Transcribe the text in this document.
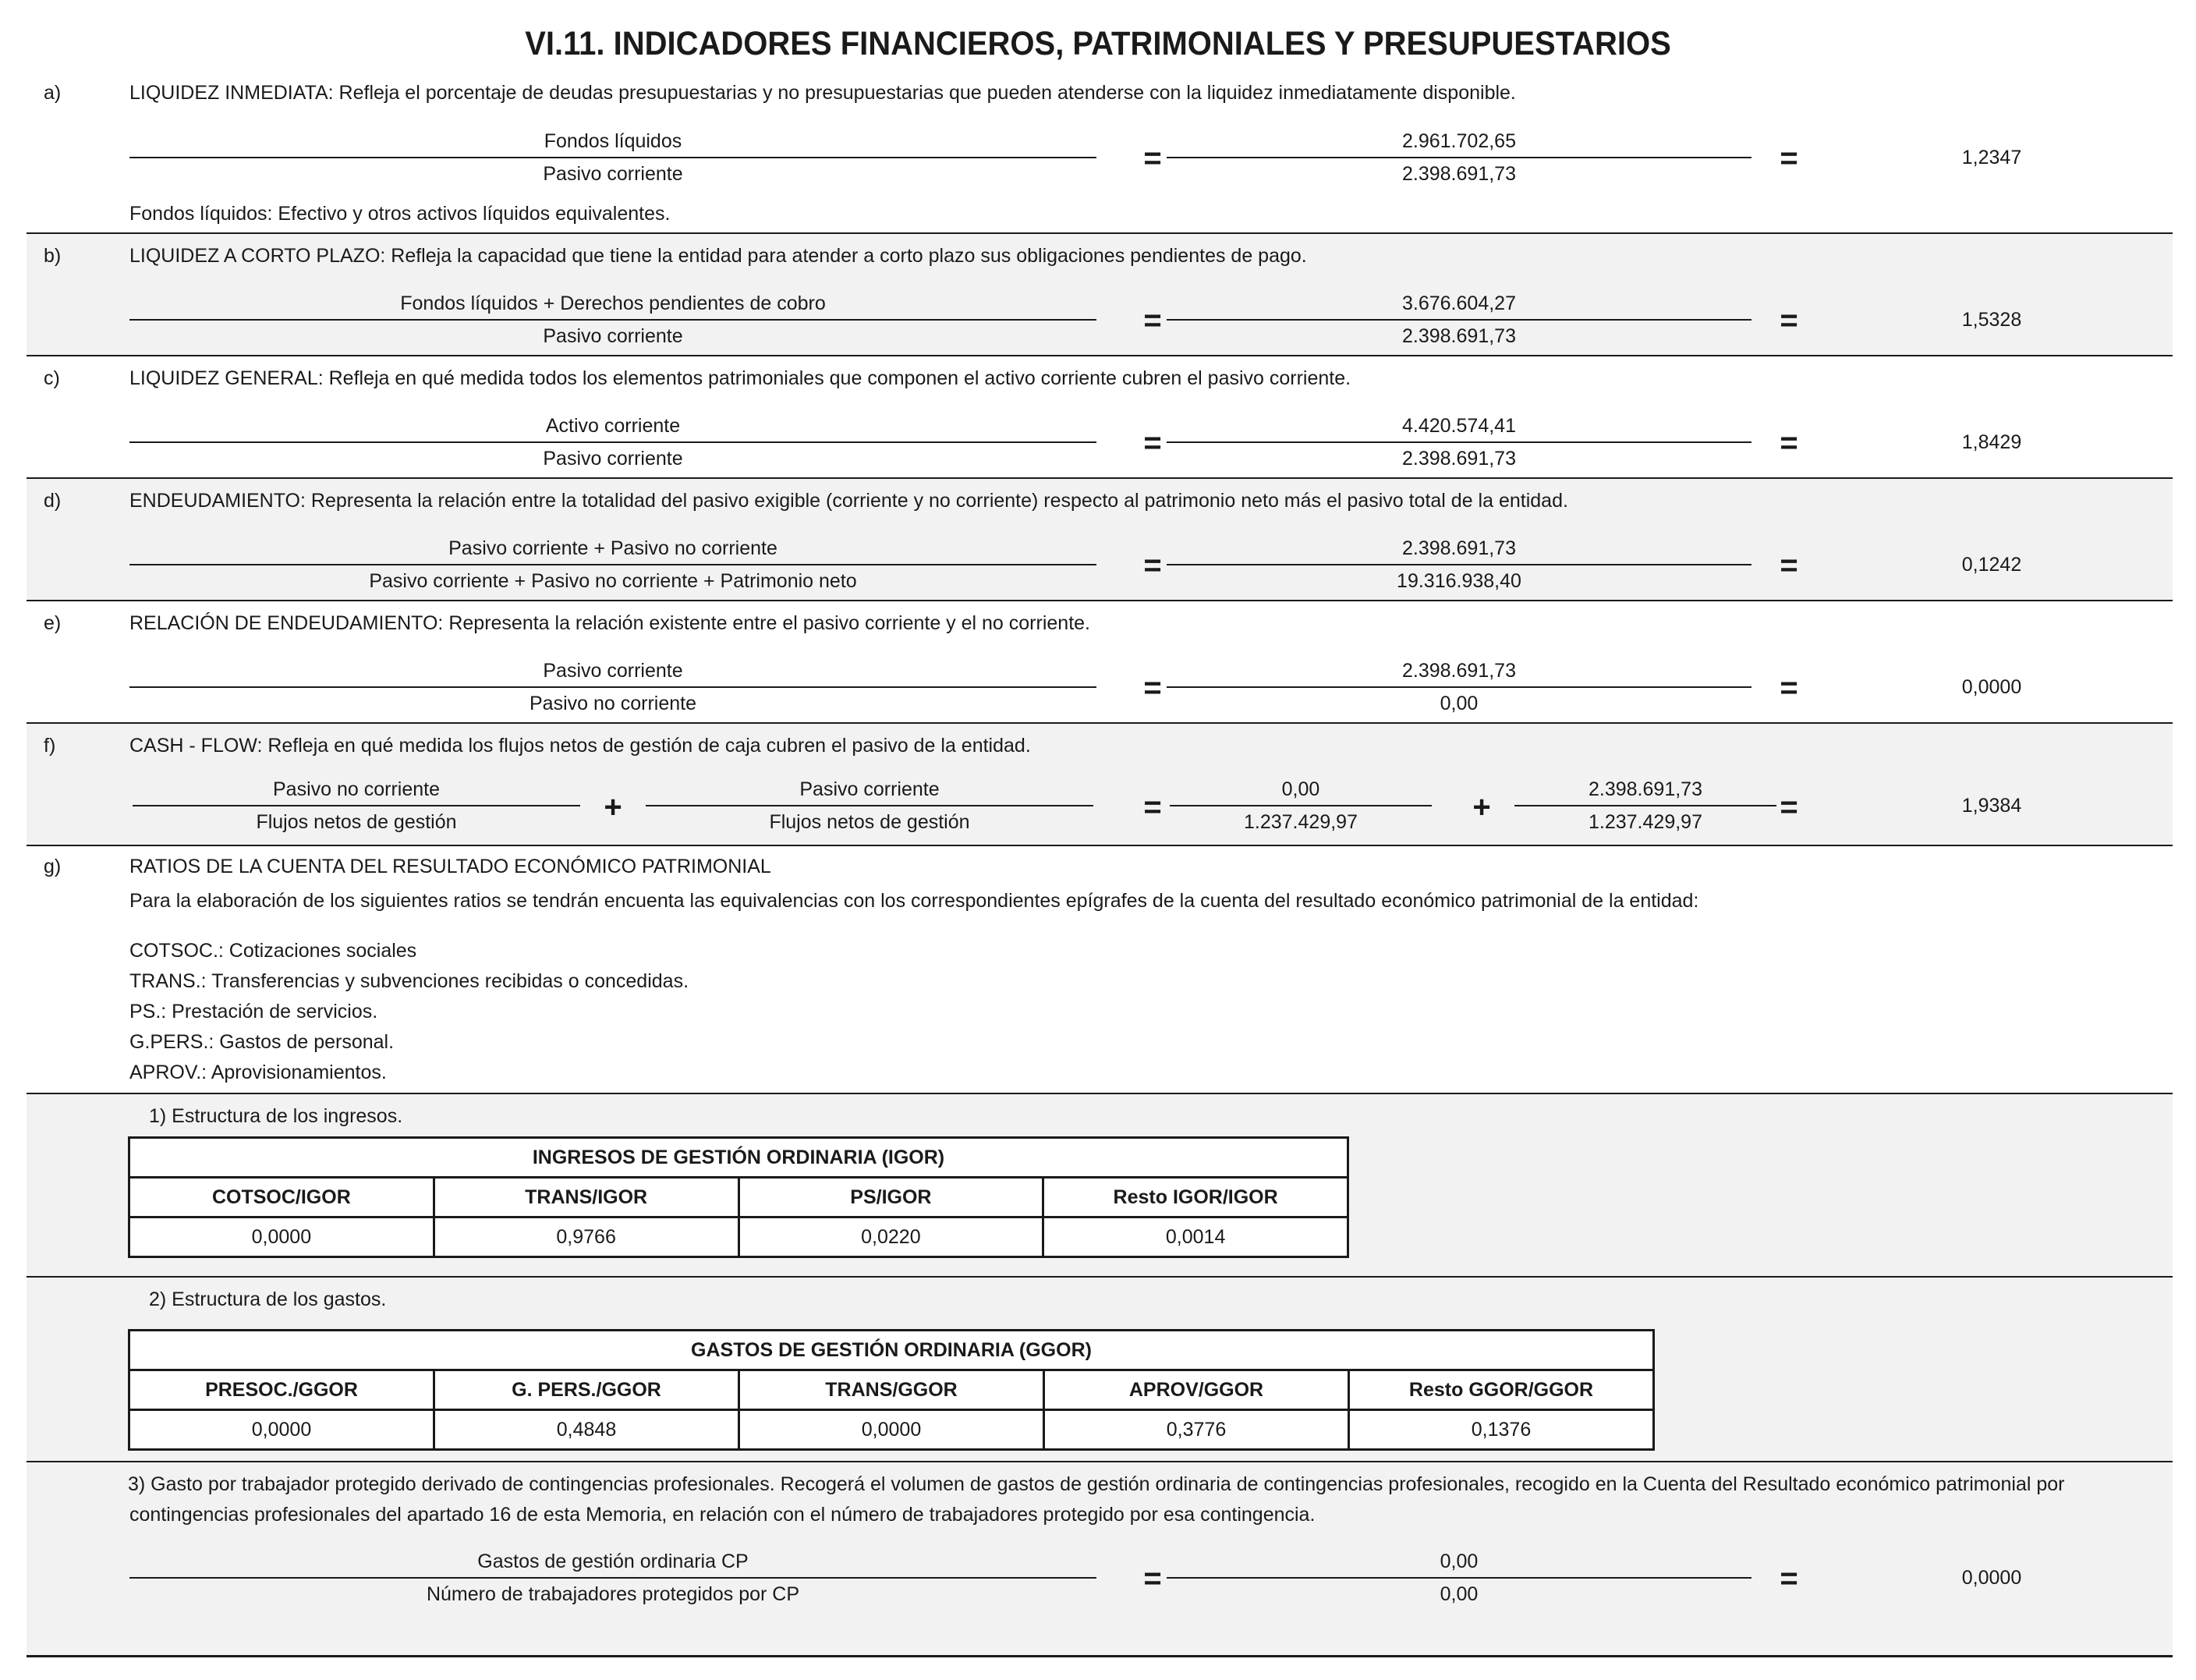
VI.11. INDICADORES FINANCIEROS, PATRIMONIALES Y PRESUPUESTARIOS
a)	LIQUIDEZ INMEDIATA: Refleja el porcentaje de deudas presupuestarias y no presupuestarias que pueden atenderse con la liquidez inmediatamente disponible.
Fondos líquidos
Pasivo corriente	=	2.961.702,65
2.398.691,73	=	1,2347
Fondos líquidos: Efectivo y otros activos líquidos equivalentes.
b)	LIQUIDEZ A CORTO PLAZO: Refleja la capacidad que tiene la entidad para atender a corto plazo sus obligaciones pendientes de pago.
Fondos líquidos + Derechos pendientes de cobro
Pasivo corriente	=	3.676.604,27
2.398.691,73	=	1,5328
c)	LIQUIDEZ GENERAL: Refleja en qué medida todos los elementos patrimoniales que componen el activo corriente cubren el pasivo corriente.
Activo corriente
Pasivo corriente	=	4.420.574,41
2.398.691,73	=	1,8429
d)	ENDEUDAMIENTO: Representa la relación entre la totalidad del pasivo exigible (corriente y no corriente) respecto al patrimonio neto más el pasivo total de la entidad.
Pasivo corriente + Pasivo no corriente
Pasivo corriente + Pasivo no corriente + Patrimonio neto	=	2.398.691,73
19.316.938,40	=	0,1242
e)	RELACIÓN DE ENDEUDAMIENTO: Representa la relación existente entre el pasivo corriente y el no corriente.
Pasivo corriente
Pasivo no corriente	=	2.398.691,73
0,00	=	0,0000
f)	CASH - FLOW: Refleja en qué medida los flujos netos de gestión de caja cubren el pasivo de la entidad.
Pasivo no corriente
Flujos netos de gestión	+
Pasivo corriente
Flujos netos de gestión	=
0,00
1.237.429,97	+
2.398.691,73
1.237.429,97	=	1,9384
g)	RATIOS DE LA CUENTA DEL RESULTADO ECONÓMICO PATRIMONIAL
Para la elaboración de los siguientes ratios se tendrán encuenta las equivalencias con los correspondientes epígrafes de la cuenta del resultado económico patrimonial de la entidad:
COTSOC.: Cotizaciones sociales
TRANS.: Transferencias y subvenciones recibidas o concedidas.
PS.: Prestación de servicios.
G.PERS.: Gastos de personal.
APROV.: Aprovisionamientos.
1) Estructura de los ingresos.
INGRESOS DE GESTIÓN ORDINARIA (IGOR)			
COTSOC/IGOR	TRANS/IGOR	PS/IGOR	Resto IGOR/IGOR
0,0000	0,9766	0,0220	0,0014
2) Estructura de los gastos.
GASTOS DE GESTIÓN ORDINARIA (GGOR)				
PRESOC./GGOR	G. PERS./GGOR	TRANS/GGOR	APROV/GGOR	Resto GGOR/GGOR
0,0000	0,4848	0,0000	0,3776	0,1376
3) Gasto por trabajador protegido derivado de contingencias profesionales. Recogerá el volumen de gastos de gestión ordinaria de contingencias profesionales, recogido en la Cuenta del Resultado económico patrimonial por
contingencias profesionales del apartado 16 de esta Memoria, en relación con el número de trabajadores protegido por esa contingencia.
Gastos de gestión ordinaria CP
Número de trabajadores protegidos por CP	=	0,00
0,00	=	0,0000
